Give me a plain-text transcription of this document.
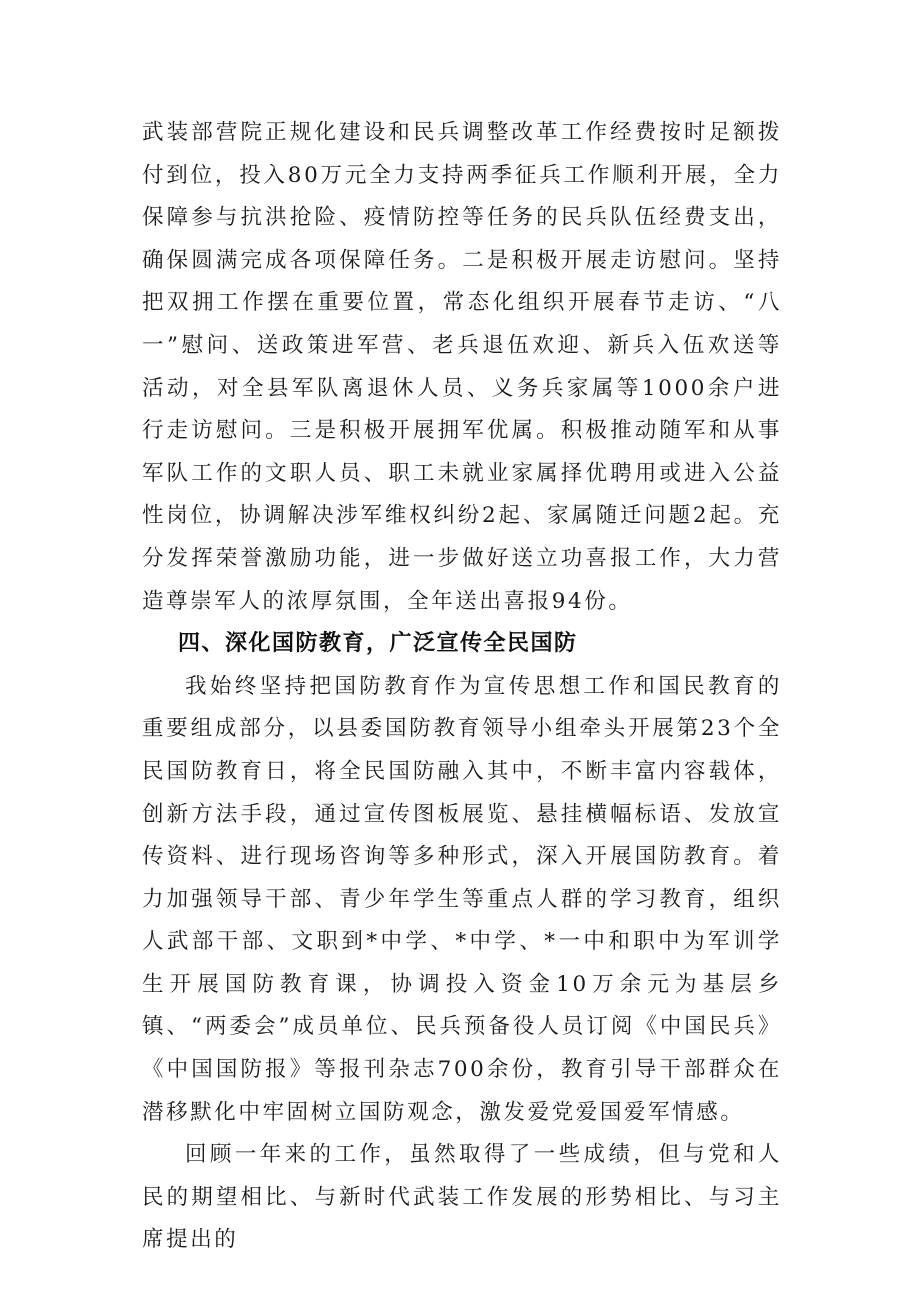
武装部营院正规化建设和民兵调整改革工作经费按时足额拨付到位，投入80万元全力支持两季征兵工作顺利开展，全力保障参与抗洪抢险、疫情防控等任务的民兵队伍经费支出，确保圆满完成各项保障任务。二是积极开展走访慰问。坚持把双拥工作摆在重要位置，常态化组织开展春节走访、“八一”慰问、送政策进军营、老兵退伍欢迎、新兵入伍欢送等活动，对全县军队离退休人员、义务兵家属等1000余户进行走访慰问。三是积极开展拥军优属。积极推动随军和从事军队工作的文职人员、职工未就业家属择优聘用或进入公益性岗位，协调解决涉军维权纠纷2起、家属随迁问题2起。充分发挥荣誉激励功能，进一步做好送立功喜报工作，大力营造尊崇军人的浓厚氛围，全年送出喜报94份。

四、深化国防教育，广泛宣传全民国防

我始终坚持把国防教育作为宣传思想工作和国民教育的重要组成部分，以县委国防教育领导小组牵头开展第23个全民国防教育日，将全民国防融入其中，不断丰富内容载体，创新方法手段，通过宣传图板展览、悬挂横幅标语、发放宣传资料、进行现场咨询等多种形式，深入开展国防教育。着力加强领导干部、青少年学生等重点人群的学习教育，组织人武部干部、文职到*中学、*中学、*一中和职中为军训学生开展国防教育课，协调投入资金10万余元为基层乡镇、“两委会”成员单位、民兵预备役人员订阅《中国民兵》《中国国防报》等报刊杂志700余份，教育引导干部群众在潜移默化中牢固树立国防观念，激发爱党爱国爱军情感。

回顾一年来的工作，虽然取得了一些成绩，但与党和人民的期望相比、与新时代武装工作发展的形势相比、与习主席提出的
